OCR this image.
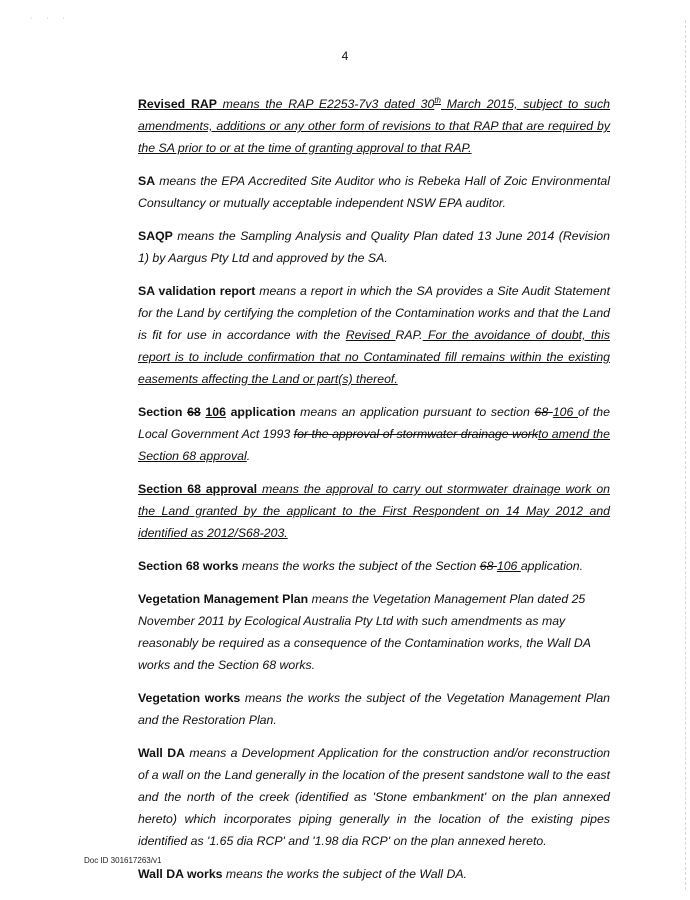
· · ·
4

Revised RAP means the RAP E2253-7v3 dated 30th March 2015, subject to such amendments, additions or any other form of revisions to that RAP that are required by the SA prior to or at the time of granting approval to that RAP.

SA means the EPA Accredited Site Auditor who is Rebeka Hall of Zoic Environmental Consultancy or mutually acceptable independent NSW EPA auditor.

SAQP means the Sampling Analysis and Quality Plan dated 13 June 2014 (Revision 1) by Aargus Pty Ltd and approved by the SA.

SA validation report means a report in which the SA provides a Site Audit Statement for the Land by certifying the completion of the Contamination works and that the Land is fit for use in accordance with the Revised RAP. For the avoidance of doubt, this report is to include confirmation that no Contaminated fill remains within the existing easements affecting the Land or part(s) thereof.

Section 68 106 application means an application pursuant to section 68 106 of the Local Government Act 1993 for the approval of stormwater drainage workto amend the Section 68 approval.

Section 68 approval means the approval to carry out stormwater drainage work on the Land granted by the applicant to the First Respondent on 14 May 2012 and identified as 2012/S68-203.

Section 68 works means the works the subject of the Section 68 106 application.

Vegetation Management Plan means the Vegetation Management Plan dated 25 November 2011 by Ecological Australia Pty Ltd with such amendments as may reasonably be required as a consequence of the Contamination works, the Wall DA works and the Section 68 works.

Vegetation works means the works the subject of the Vegetation Management Plan and the Restoration Plan.

Wall DA means a Development Application for the construction and/or reconstruction of a wall on the Land generally in the location of the present sandstone wall to the east and the north of the creek (identified as 'Stone embankment' on the plan annexed hereto) which incorporates piping generally in the location of the existing pipes identified as '1.65 dia RCP' and '1.98 dia RCP' on the plan annexed hereto.

Wall DA works means the works the subject of the Wall DA.

Doc ID 301617263/v1
